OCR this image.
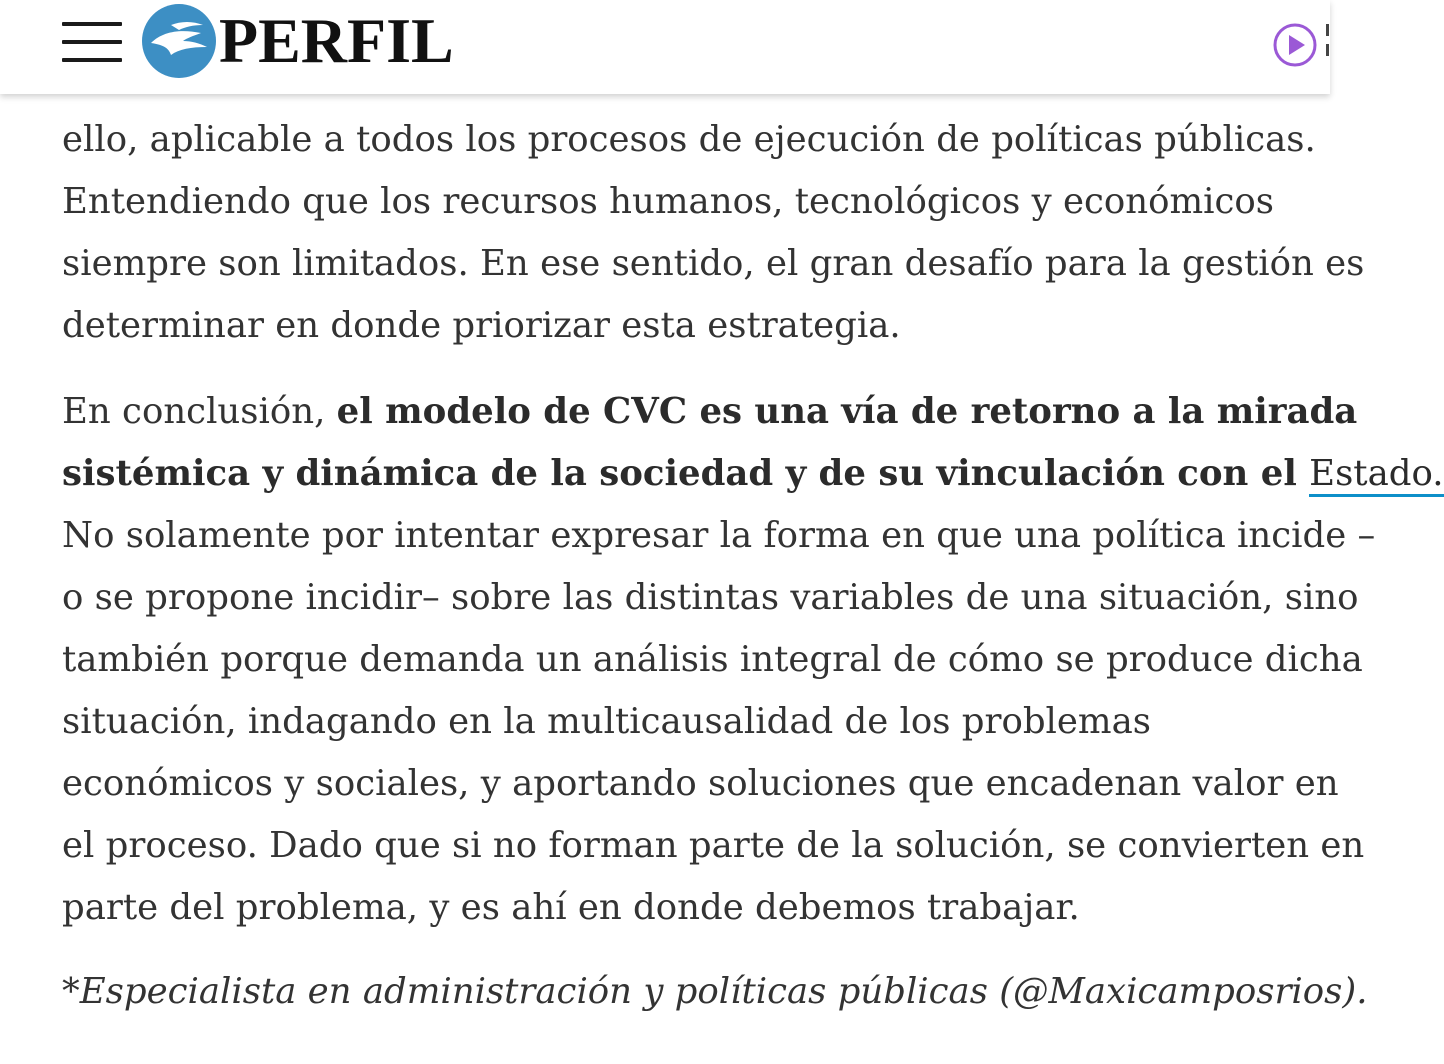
PERFIL

ello, aplicable a todos los procesos de ejecución de políticas públicas.
Entendiendo que los recursos humanos, tecnológicos y económicos
siempre son limitados. En ese sentido, el gran desafío para la gestión es
determinar en donde priorizar esta estrategia.

En conclusión, el modelo de CVC es una vía de retorno a la mirada
sistémica y dinámica de la sociedad y de su vinculación con el Estado.
No solamente por intentar expresar la forma en que una política incide –
o se propone incidir– sobre las distintas variables de una situación, sino
también porque demanda un análisis integral de cómo se produce dicha
situación, indagando en la multicausalidad de los problemas
económicos y sociales, y aportando soluciones que encadenan valor en
el proceso. Dado que si no forman parte de la solución, se convierten en
parte del problema, y es ahí en donde debemos trabajar.

*Especialista en administración y políticas públicas (@Maxicamposrios).
